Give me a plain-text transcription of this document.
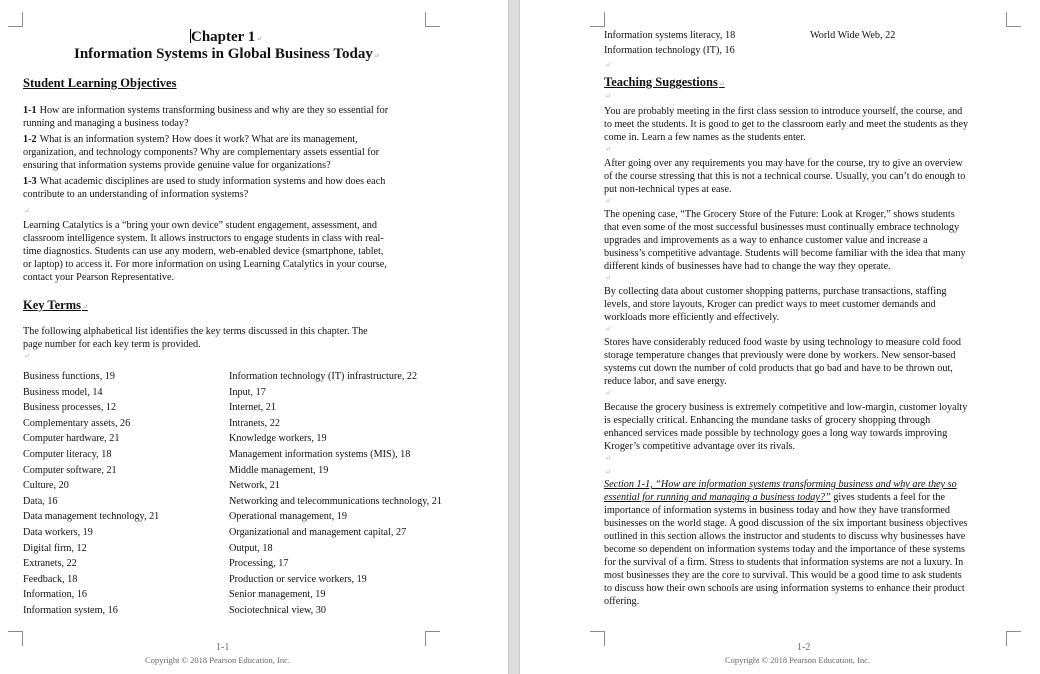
Chapter 1↵
Information Systems in Global Business Today↵
Student Learning Objectives
1-1 How are information systems transforming business and why are they so essential for
running and managing a business today?
1-2 What is an information system? How does it work? What are its management,
organization, and technology components? Why are complementary assets essential for
ensuring that information systems provide genuine value for organizations?
1-3 What academic disciplines are used to study information systems and how does each
contribute to an understanding of information systems?
↵
Learning Catalytics is a “bring your own device” student engagement, assessment, and
classroom intelligence system. It allows instructors to engage students in class with real-
time diagnostics. Students can use any modern, web-enabled device (smartphone, tablet,
or laptop) to access it. For more information on using Learning Catalytics in your course,
contact your Pearson Representative.
Key Terms↵
The following alphabetical list identifies the key terms discussed in this chapter. The
page number for each key term is provided.
↵
Business functions, 19
Business model, 14
Business processes, 12
Complementary assets, 26
Computer hardware, 21
Computer literacy, 18
Computer software, 21
Culture, 20
Data, 16
Data management technology, 21
Data workers, 19
Digital firm, 12
Extranets, 22
Feedback, 18
Information, 16
Information system, 16
Information technology (IT) infrastructure, 22
Input, 17
Internet, 21
Intranets, 22
Knowledge workers, 19
Management information systems (MIS), 18
Middle management, 19
Network, 21
Networking and telecommunications technology, 21
Operational management, 19
Organizational and management capital, 27
Output, 18
Processing, 17
Production or service workers, 19
Senior management, 19
Sociotechnical view, 30
1-1
Copyright © 2018 Pearson Education, Inc.
Information systems literacy, 18
Information technology (IT), 16
↵
World Wide Web, 22
Teaching Suggestions↵
↵
You are probably meeting in the first class session to introduce yourself, the course, and
to meet the students. It is good to get to the classroom early and meet the students as they
come in. Learn a few names as the students enter.
↵
After going over any requirements you may have for the course, try to give an overview
of the course stressing that this is not a technical course. Usually, you can’t do enough to
put non-technical types at ease.
↵
The opening case, “The Grocery Store of the Future: Look at Kroger,” shows students
that even some of the most successful businesses must continually embrace technology
upgrades and improvements as a way to enhance customer value and increase a
business’s competitive advantage. Students will become familiar with the idea that many
different kinds of businesses have had to change the way they operate.
↵
By collecting data about customer shopping patterns, purchase transactions, staffing
levels, and store layouts, Kroger can predict ways to meet customer demands and
workloads more efficiently and effectively.
↵
Stores have considerably reduced food waste by using technology to measure cold food
storage temperature changes that previously were done by workers. New sensor-based
systems cut down the number of cold products that go bad and have to be thrown out,
reduce labor, and save energy.
↵
Because the grocery business is extremely competitive and low-margin, customer loyalty
is especially critical. Enhancing the mundane tasks of grocery shopping through
enhanced services made possible by technology goes a long way towards improving
Kroger’s competitive advantage over its rivals.
↵
↵
Section 1-1, “How are information systems transforming business and why are they so
essential for running and managing a business today?” gives students a feel for the
importance of information systems in business today and how they have transformed
businesses on the world stage. A good discussion of the six important business objectives
outlined in this section allows the instructor and students to discuss why businesses have
become so dependent on information systems today and the importance of these systems
for the survival of a firm. Stress to students that information systems are not a luxury. In
most businesses they are the core to survival. This would be a good time to ask students
to discuss how their own schools are using information systems to enhance their product
offering.
1-2
Copyright © 2018 Pearson Education, Inc.
